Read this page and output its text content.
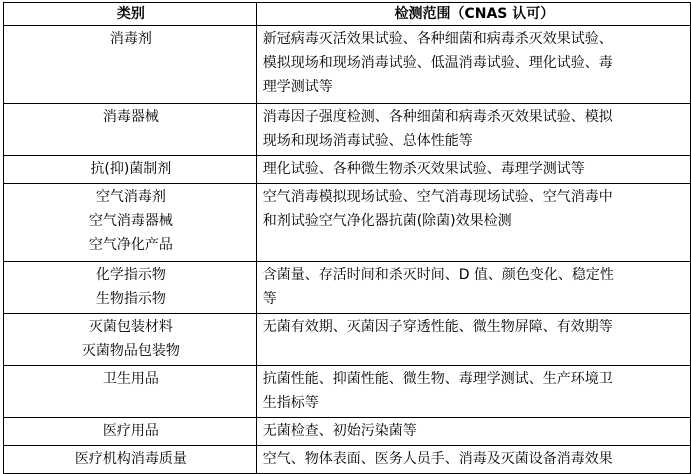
类别	检测范围（CNAS 认可）

消毒剂	新冠病毒灭活效果试验、各种细菌和病毒杀灭效果试验、
模拟现场和现场消毒试验、低温消毒试验、理化试验、毒
理学测试等

消毒器械	消毒因子强度检测、各种细菌和病毒杀灭效果试验、模拟
现场和现场消毒试验、总体性能等

抗(抑)菌制剂	理化试验、各种微生物杀灭效果试验、毒理学测试等

空气消毒剂
空气消毒器械
空气净化产品	空气消毒模拟现场试验、空气消毒现场试验、空气消毒中
和剂试验空气净化器抗菌(除菌)效果检测

化学指示物
生物指示物	含菌量、存活时间和杀灭时间、D 值、颜色变化、稳定性
等

灭菌包装材料
灭菌物品包装物	无菌有效期、灭菌因子穿透性能、微生物屏障、有效期等

卫生用品	抗菌性能、抑菌性能、微生物、毒理学测试、生产环境卫
生指标等

医疗用品	无菌检查、初始污染菌等

医疗机构消毒质量	空气、物体表面、医务人员手、消毒及灭菌设备消毒效果
